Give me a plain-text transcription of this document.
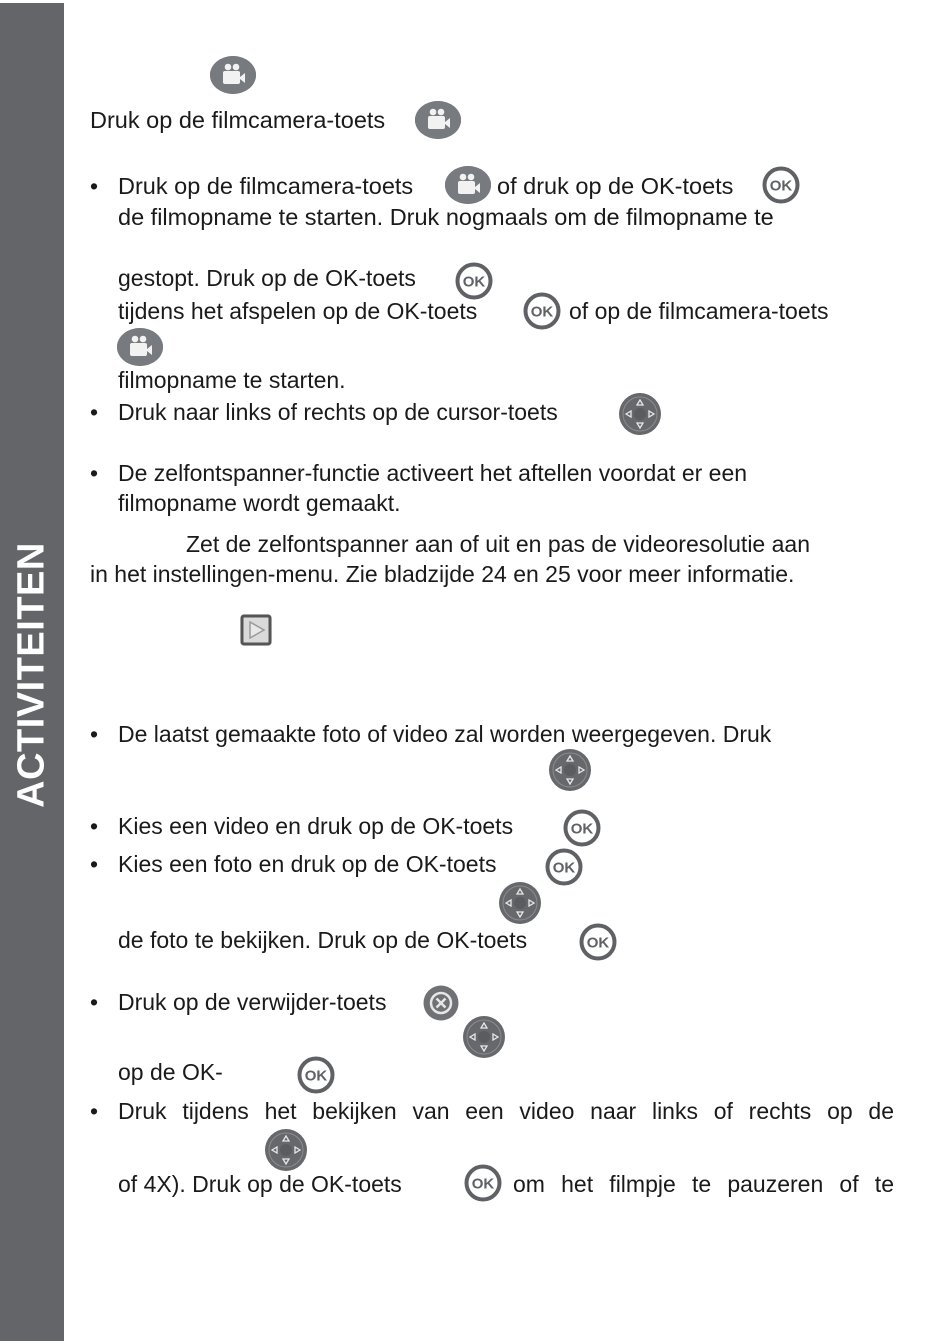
ACTIVITEITEN
Druk op de filmcamera-toets
• Druk op de filmcamera-toets	of druk op de OK-toets
de filmopname te starten. Druk nogmaals om de filmopname te
gestopt. Druk op de OK-toets
tijdens het afspelen op de OK-toets	of op de filmcamera-toets
filmopname te starten.
• Druk naar links of rechts op de cursor-toets
• De zelfontspanner-functie activeert het aftellen voordat er een
filmopname wordt gemaakt.
Zet de zelfontspanner aan of uit en pas de videoresolutie aan
in het instellingen-menu. Zie bladzijde 24 en 25 voor meer informatie.
• De laatst gemaakte foto of video zal worden weergegeven. Druk
• Kies een video en druk op de OK-toets
• Kies een foto en druk op de OK-toets
de foto te bekijken. Druk op de OK-toets
• Druk op de verwijder-toets
op de OK-
• Druk tijdens het bekijken van een video naar links of rechts op de
of 4X). Druk op de OK-toets	om het filmpje te pauzeren of te
